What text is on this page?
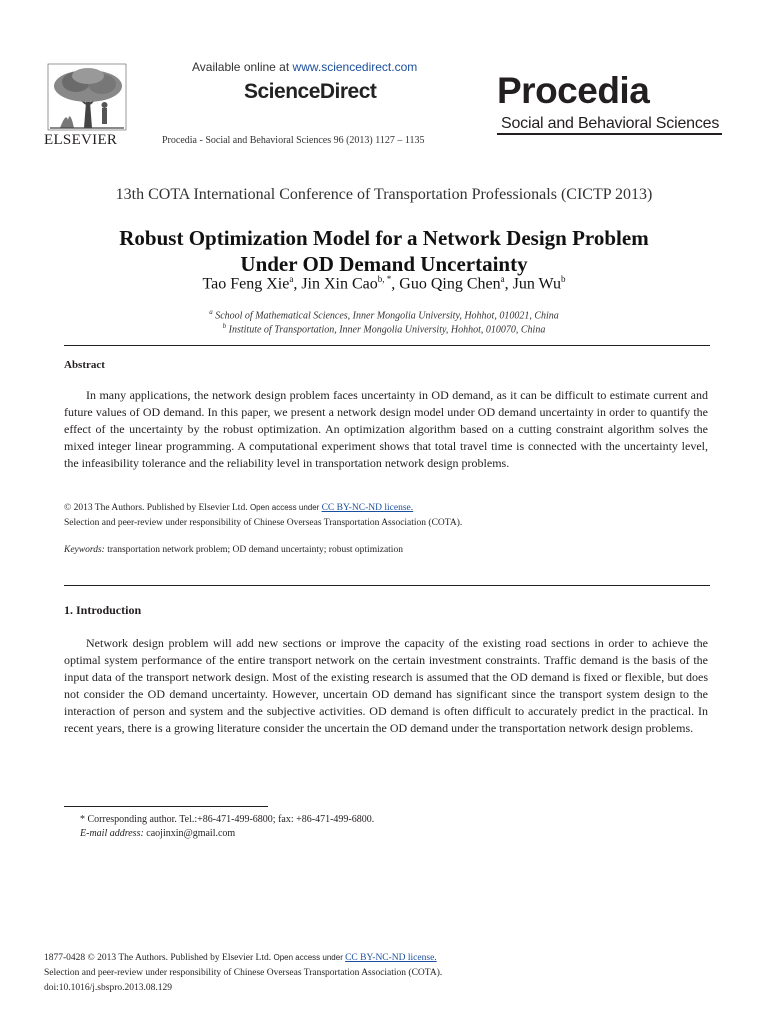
ELSEVIER
Available online at www.sciencedirect.com
ScienceDirect
Procedia - Social and Behavioral Sciences 96 (2013) 1127 – 1135
Procedia
Social and Behavioral Sciences
13th COTA International Conference of Transportation Professionals (CICTP 2013)
Robust Optimization Model for a Network Design Problem
Under OD Demand Uncertainty
Tao Feng Xie$^a$, Jin Xin Cao$^{b, *}$, Guo Qing Chen$^a$, Jun Wu$^b$
$^a$ School of Mathematical Sciences, Inner Mongolia University, Hohhot, 010021, China
$^b$ Institute of Transportation, Inner Mongolia University, Hohhot, 010070, China
Abstract
In many applications, the network design problem faces uncertainty in OD demand, as it can be difficult to estimate current and future values of OD demand. In this paper, we present a network design model under OD demand uncertainty in order to quantify the effect of the uncertainty by the robust optimization. An optimization algorithm based on a cutting constraint algorithm solves the mixed integer linear programming. A computational experiment shows that total travel time is connected with the uncertainty level, the infeasibility tolerance and the reliability level in transportation network design problems.
© 2013 The Authors. Published by Elsevier Ltd. Open access under CC BY-NC-ND license.
Selection and peer-review under responsibility of Chinese Overseas Transportation Association (COTA).
Keywords: transportation network problem; OD demand uncertainty; robust optimization
1. Introduction
Network design problem will add new sections or improve the capacity of the existing road sections in order to achieve the optimal system performance of the entire transport network on the certain investment constraints. Traffic demand is the basis of the input data of the transport network design. Most of the existing research is assumed that the OD demand is fixed or flexible, but does not consider the OD demand uncertainty. However, uncertain OD demand has significant since the transport system design to the interaction of person and system and the subjective activities. OD demand is often difficult to accurately predict in the practical. In recent years, there is a growing literature consider the uncertain the OD demand under the transportation network design problems.
* Corresponding author. Tel.:+86-471-499-6800; fax: +86-471-499-6800.
E-mail address: caojinxin@gmail.com
1877-0428 © 2013 The Authors. Published by Elsevier Ltd. Open access under CC BY-NC-ND license.
Selection and peer-review under responsibility of Chinese Overseas Transportation Association (COTA).
doi:10.1016/j.sbspro.2013.08.129
